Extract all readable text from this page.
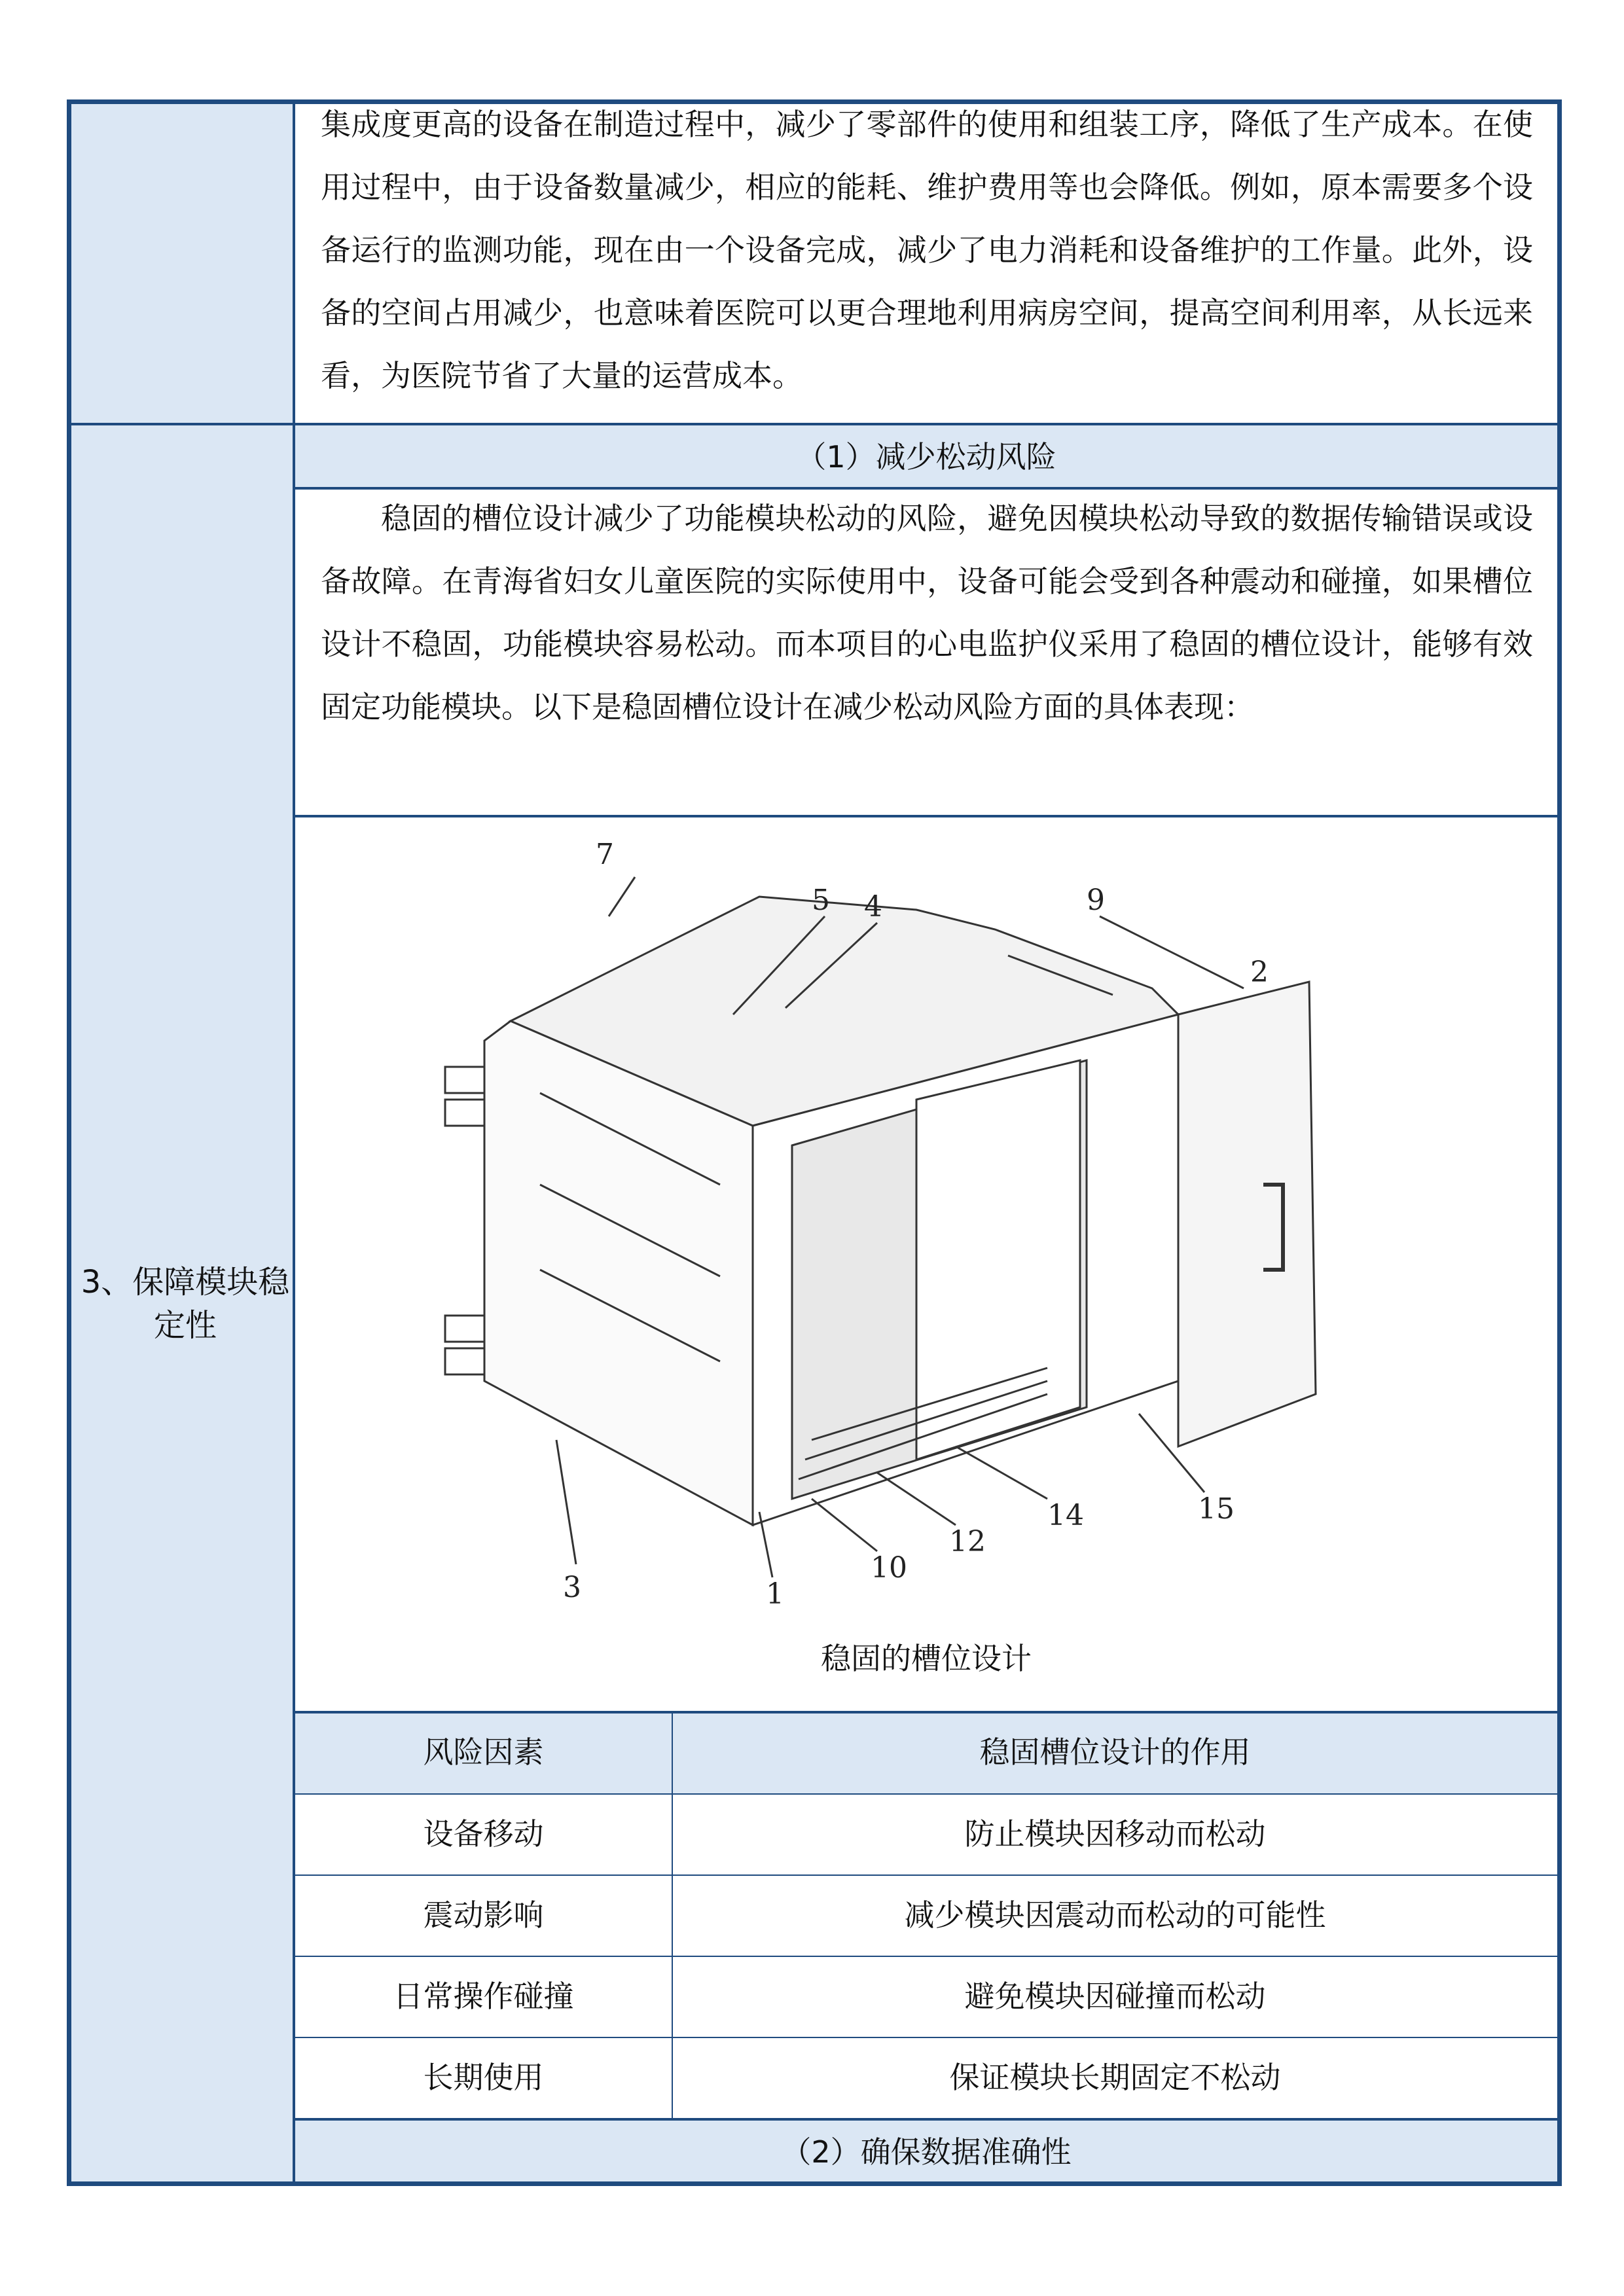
集成度更高的设备在制造过程中，减少了零部件的使用和组装工序，降低了生产成本。在使用过程中，由于设备数量减少，相应的能耗、维护费用等也会降低。例如，原本需要多个设备运行的监测功能，现在由一个设备完成，减少了电力消耗和设备维护的工作量。此外，设备的空间占用减少，也意味着医院可以更合理地利用病房空间，提高空间利用率，从长远来看，为医院节省了大量的运营成本。
3、保障模块稳定性
（1）减少松动风险
稳固的槽位设计减少了功能模块松动的风险，避免因模块松动导致的数据传输错误或设备故障。在青海省妇女儿童医院的实际使用中，设备可能会受到各种震动和碰撞，如果槽位设计不稳固，功能模块容易松动。而本项目的心电监护仪采用了稳固的槽位设计，能够有效固定功能模块。以下是稳固槽位设计在减少松动风险方面的具体表现：
7
5 4	9
2
3	1
10
12
14	15
稳固的槽位设计
风险因素	稳固槽位设计的作用
设备移动	防止模块因移动而松动
震动影响	减少模块因震动而松动的可能性
日常操作碰撞	避免模块因碰撞而松动
长期使用	保证模块长期固定不松动
（2）确保数据准确性
